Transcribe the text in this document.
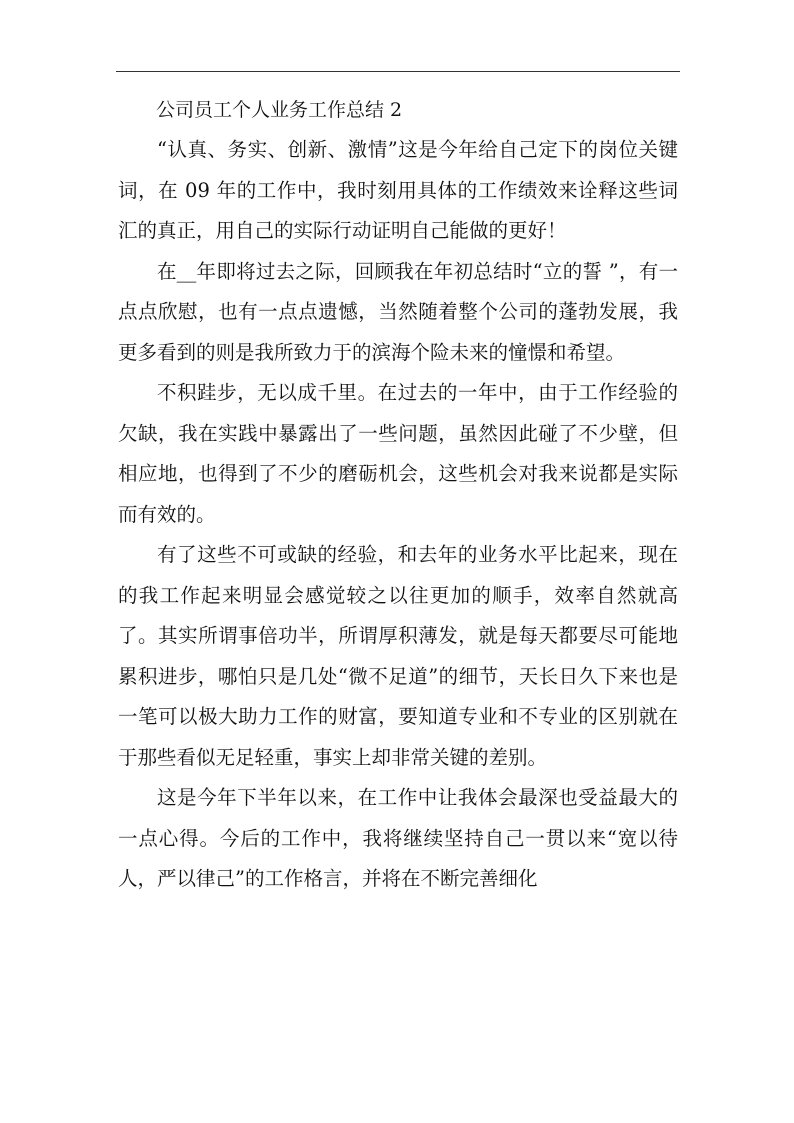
公司员工个人业务工作总结 2

“认真、务实、创新、激情”这是今年给自己定下的岗位关键词，在 09 年的工作中，我时刻用具体的工作绩效来诠释这些词汇的真正，用自己的实际行动证明自己能做的更好！

在__年即将过去之际，回顾我在年初总结时“立的誓 ”，有一点点欣慰，也有一点点遗憾，当然随着整个公司的蓬勃发展，我更多看到的则是我所致力于的滨海个险未来的憧憬和希望。

不积跬步，无以成千里。在过去的一年中，由于工作经验的欠缺，我在实践中暴露出了一些问题，虽然因此碰了不少壁，但相应地，也得到了不少的磨砺机会，这些机会对我来说都是实际而有效的。

有了这些不可或缺的经验，和去年的业务水平比起来，现在的我工作起来明显会感觉较之以往更加的顺手，效率自然就高了。其实所谓事倍功半，所谓厚积薄发，就是每天都要尽可能地累积进步，哪怕只是几处“微不足道”的细节，天长日久下来也是一笔可以极大助力工作的财富，要知道专业和不专业的区别就在于那些看似无足轻重，事实上却非常关键的差别。

这是今年下半年以来，在工作中让我体会最深也受益最大的一点心得。今后的工作中，我将继续坚持自己一贯以来“宽以待人，严以律己”的工作格言，并将在不断完善细化
